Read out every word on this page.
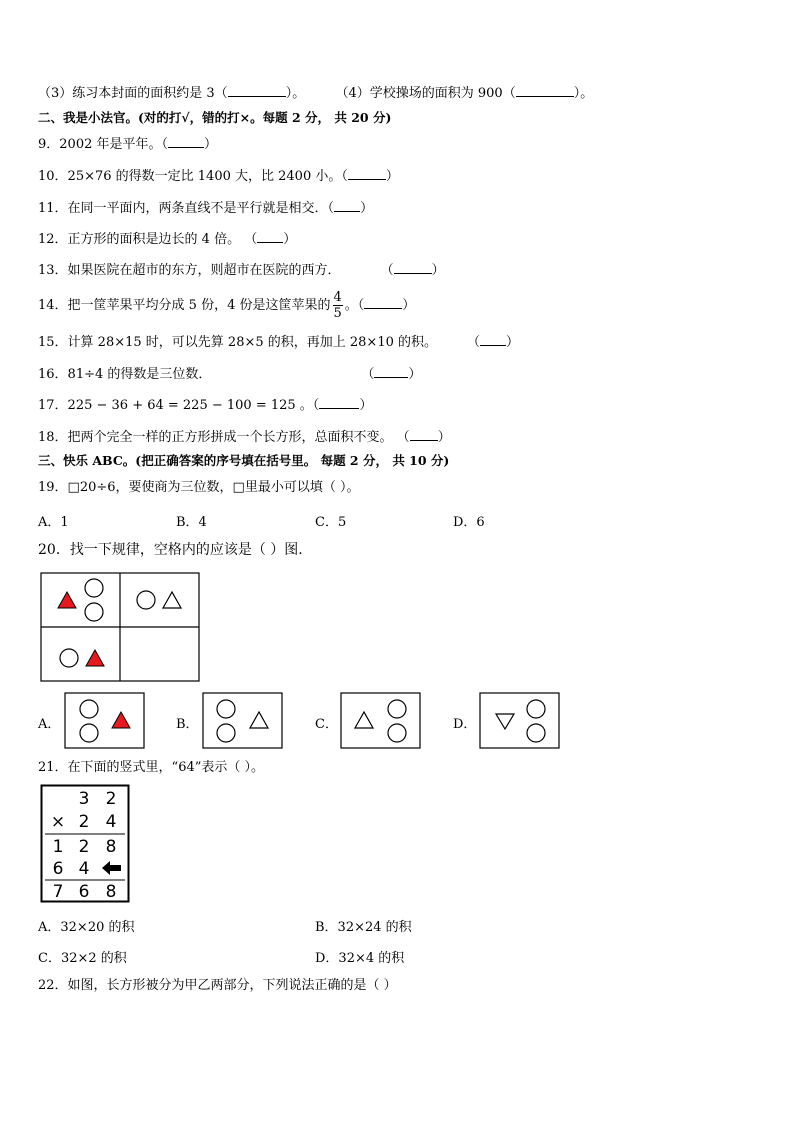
（3）练习本封面的面积约是 3（	）。 （4）学校操场的面积为 900（	）。
二、我是小法官。(对的打√，错的打×。每题 2 分， 共 20 分)
9．2002 年是平年。（	）
10．25×76 的得数一定比 1400 大，比 2400 小。（	）
11．在同一平面内，两条直线不是平行就是相交．（ ）
12．正方形的面积是边长的 4 倍。 （ ）
13．如果医院在超市的东方，则超市在医院的西方．	（	）
14．把一筐苹果平均分成 5 份，4 份是这筐苹果的 $\frac{4}{5}$ 。（	）
15．计算 28×15 时，可以先算 28×5 的积，再加上 28×10 的积。 （ ）
16．81÷4 的得数是三位数．	（	）
17．225 − 36 + 64 = 225 − 100 = 125 。（	）
18．把两个完全一样的正方形拼成一个长方形，总面积不变。 （ ）
三、快乐 ABC。(把正确答案的序号填在括号里。 每题 2 分， 共 10 分)
19．□20÷6，要使商为三位数，□里最小可以填（ ）。
A．1	B．4	C．5	D．6
20．找一下规律，空格内的应该是（ ）图.
A．	B．	C．	D．
21．在下面的竖式里，“64”表示（ ）。
3 2
× 2 4
1 2 8
6 4
7 6 8
A．32×20 的积	B．32×24 的积
C．32×2 的积	D．32×4 的积
22．如图，长方形被分为甲乙两部分，下列说法正确的是（ ）
